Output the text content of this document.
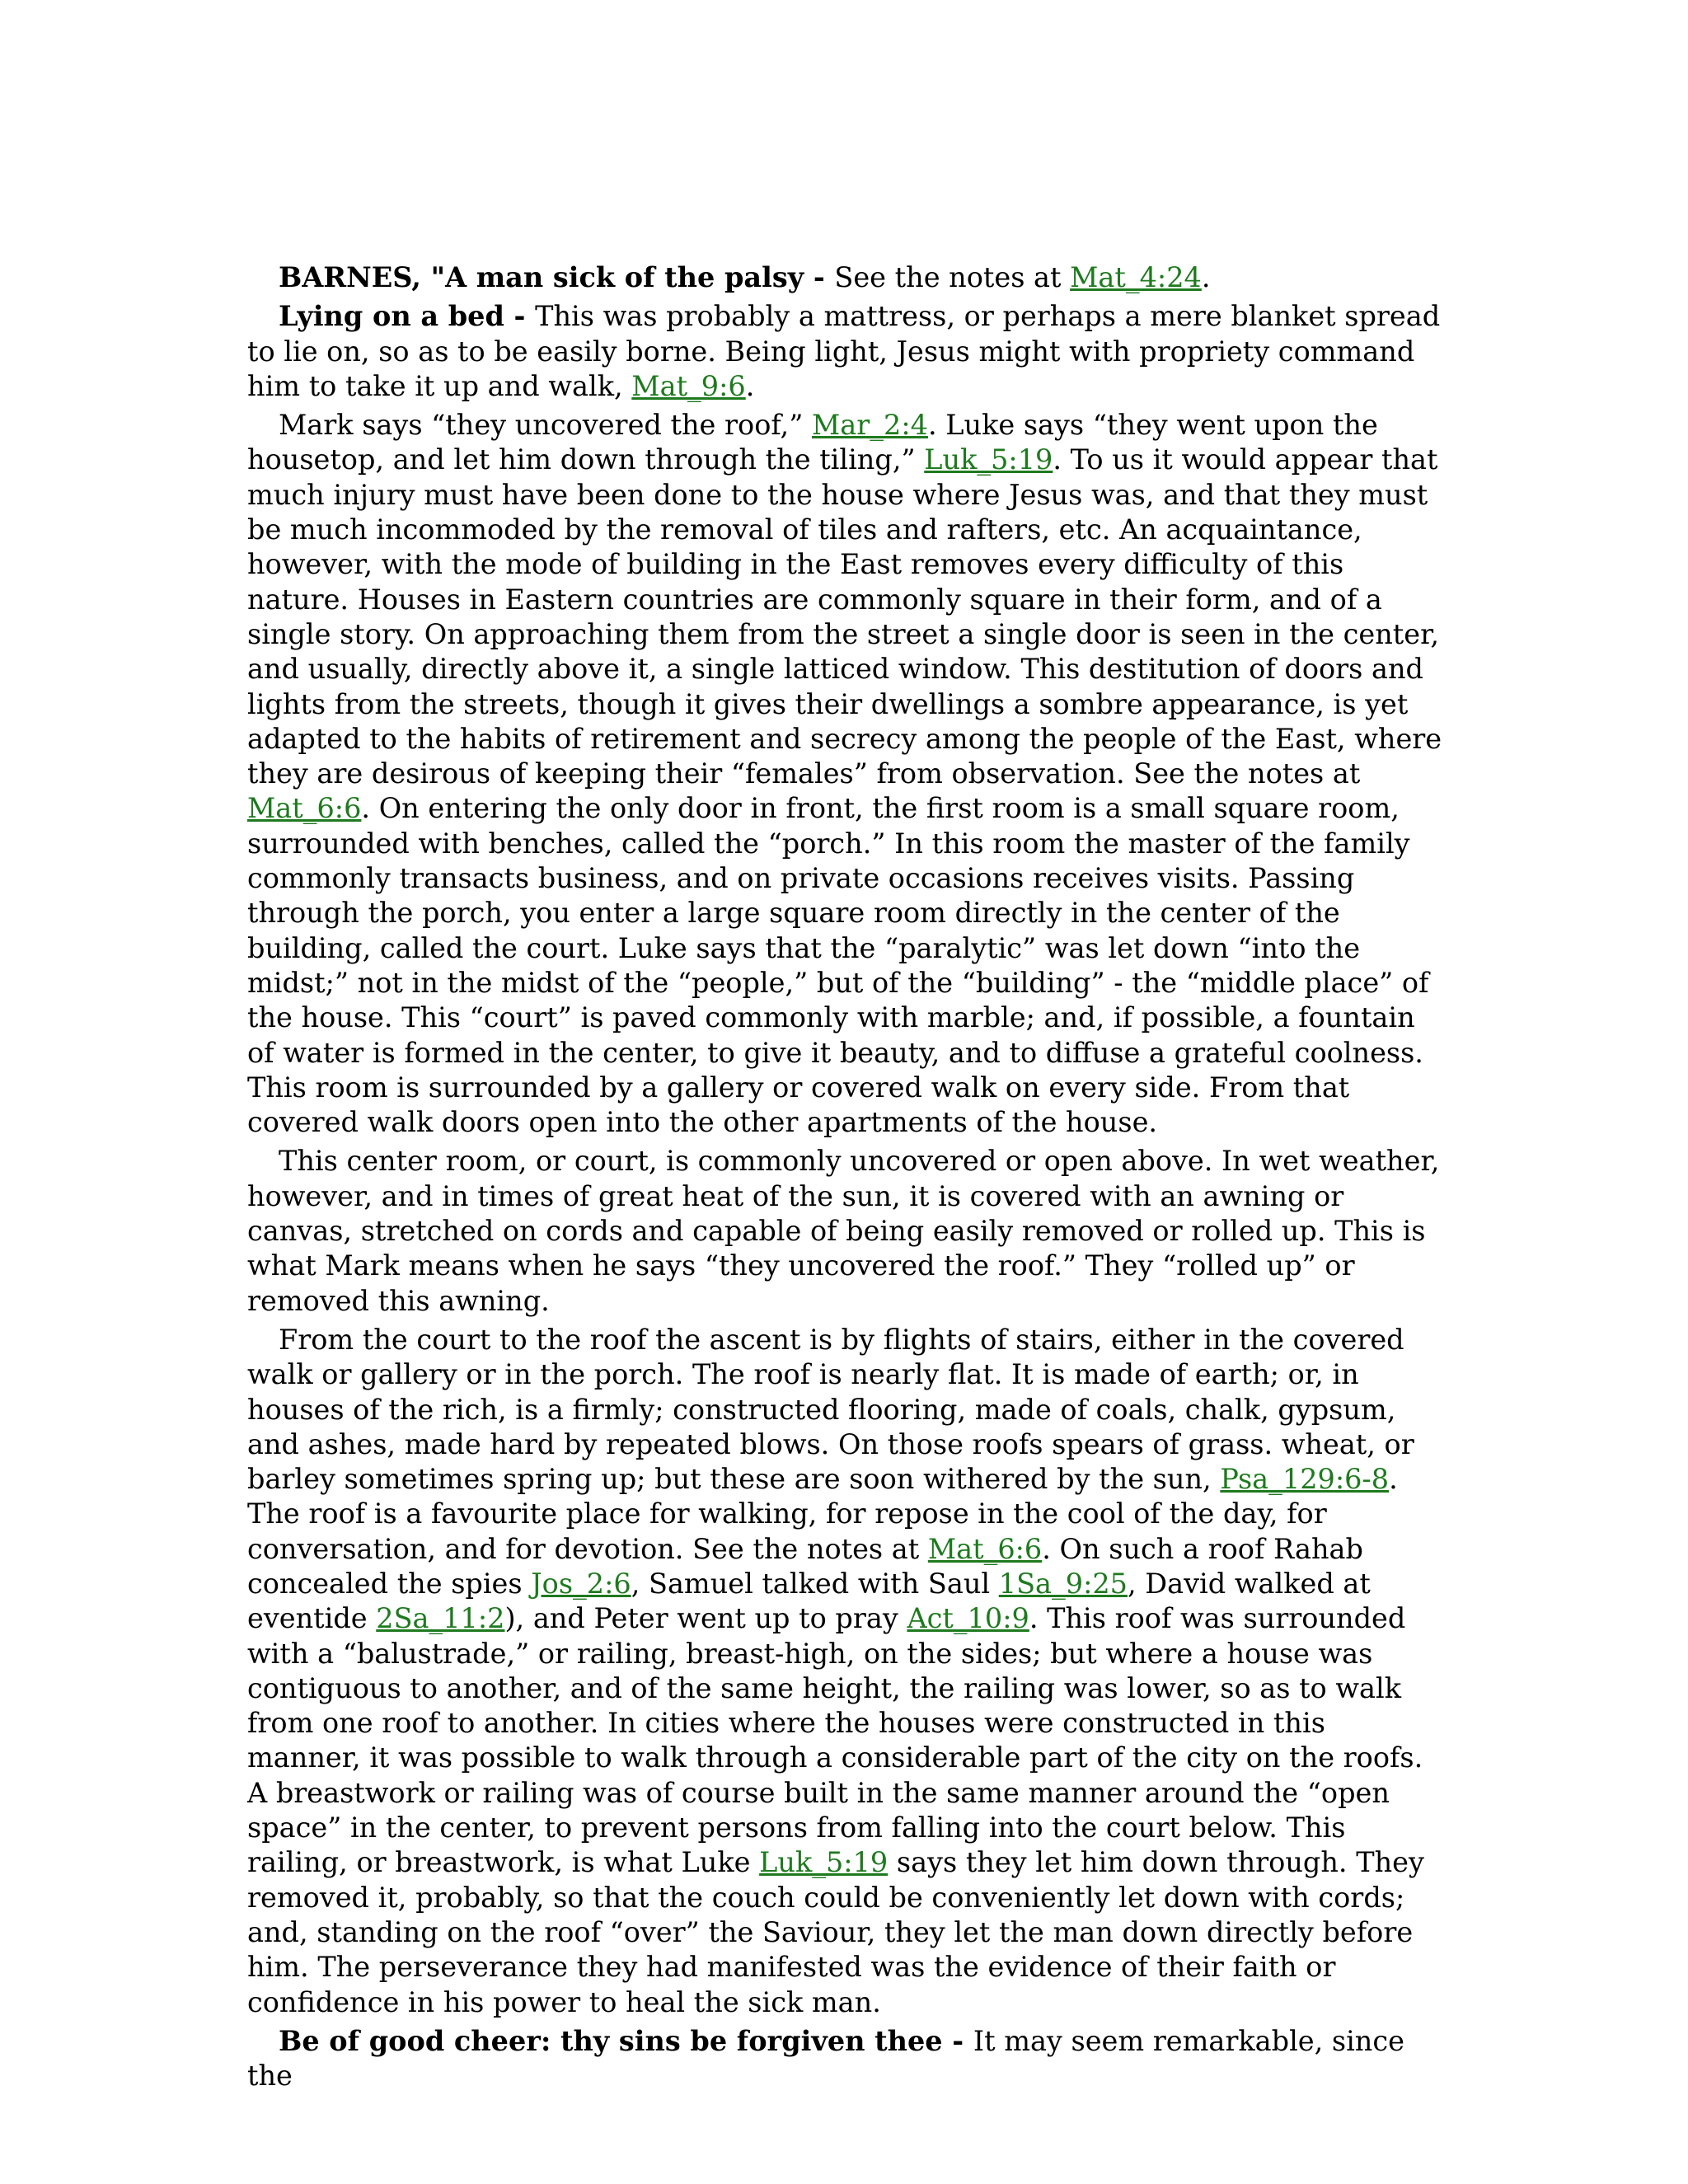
BARNES, "A man sick of the palsy - See the notes at Mat_4:24.

Lying on a bed - This was probably a mattress, or perhaps a mere blanket spread to lie on, so as to be easily borne. Being light, Jesus might with propriety command him to take it up and walk, Mat_9:6.

Mark says “they uncovered the roof,” Mar_2:4. Luke says “they went upon the housetop, and let him down through the tiling,” Luk_5:19. To us it would appear that much injury must have been done to the house where Jesus was, and that they must be much incommoded by the removal of tiles and rafters, etc. An acquaintance, however, with the mode of building in the East removes every difficulty of this nature. Houses in Eastern countries are commonly square in their form, and of a single story. On approaching them from the street a single door is seen in the center, and usually, directly above it, a single latticed window. This destitution of doors and lights from the streets, though it gives their dwellings a sombre appearance, is yet adapted to the habits of retirement and secrecy among the people of the East, where they are desirous of keeping their “females” from observation. See the notes at Mat_6:6. On entering the only door in front, the first room is a small square room, surrounded with benches, called the “porch.” In this room the master of the family commonly transacts business, and on private occasions receives visits. Passing through the porch, you enter a large square room directly in the center of the building, called the court. Luke says that the “paralytic” was let down “into the midst;” not in the midst of the “people,” but of the “building” - the “middle place” of the house. This “court” is paved commonly with marble; and, if possible, a fountain of water is formed in the center, to give it beauty, and to diffuse a grateful coolness. This room is surrounded by a gallery or covered walk on every side. From that covered walk doors open into the other apartments of the house.

This center room, or court, is commonly uncovered or open above. In wet weather, however, and in times of great heat of the sun, it is covered with an awning or canvas, stretched on cords and capable of being easily removed or rolled up. This is what Mark means when he says “they uncovered the roof.” They “rolled up” or removed this awning.

From the court to the roof the ascent is by flights of stairs, either in the covered walk or gallery or in the porch. The roof is nearly flat. It is made of earth; or, in houses of the rich, is a firmly; constructed flooring, made of coals, chalk, gypsum, and ashes, made hard by repeated blows. On those roofs spears of grass. wheat, or barley sometimes spring up; but these are soon withered by the sun, Psa_129:6-8. The roof is a favourite place for walking, for repose in the cool of the day, for conversation, and for devotion. See the notes at Mat_6:6. On such a roof Rahab concealed the spies Jos_2:6, Samuel talked with Saul 1Sa_9:25, David walked at eventide 2Sa_11:2), and Peter went up to pray Act_10:9. This roof was surrounded with a “balustrade,” or railing, breast-high, on the sides; but where a house was contiguous to another, and of the same height, the railing was lower, so as to walk from one roof to another. In cities where the houses were constructed in this manner, it was possible to walk through a considerable part of the city on the roofs. A breastwork or railing was of course built in the same manner around the “open space” in the center, to prevent persons from falling into the court below. This railing, or breastwork, is what Luke Luk_5:19 says they let him down through. They removed it, probably, so that the couch could be conveniently let down with cords; and, standing on the roof “over” the Saviour, they let the man down directly before him. The perseverance they had manifested was the evidence of their faith or confidence in his power to heal the sick man.

Be of good cheer: thy sins be forgiven thee - It may seem remarkable, since the
